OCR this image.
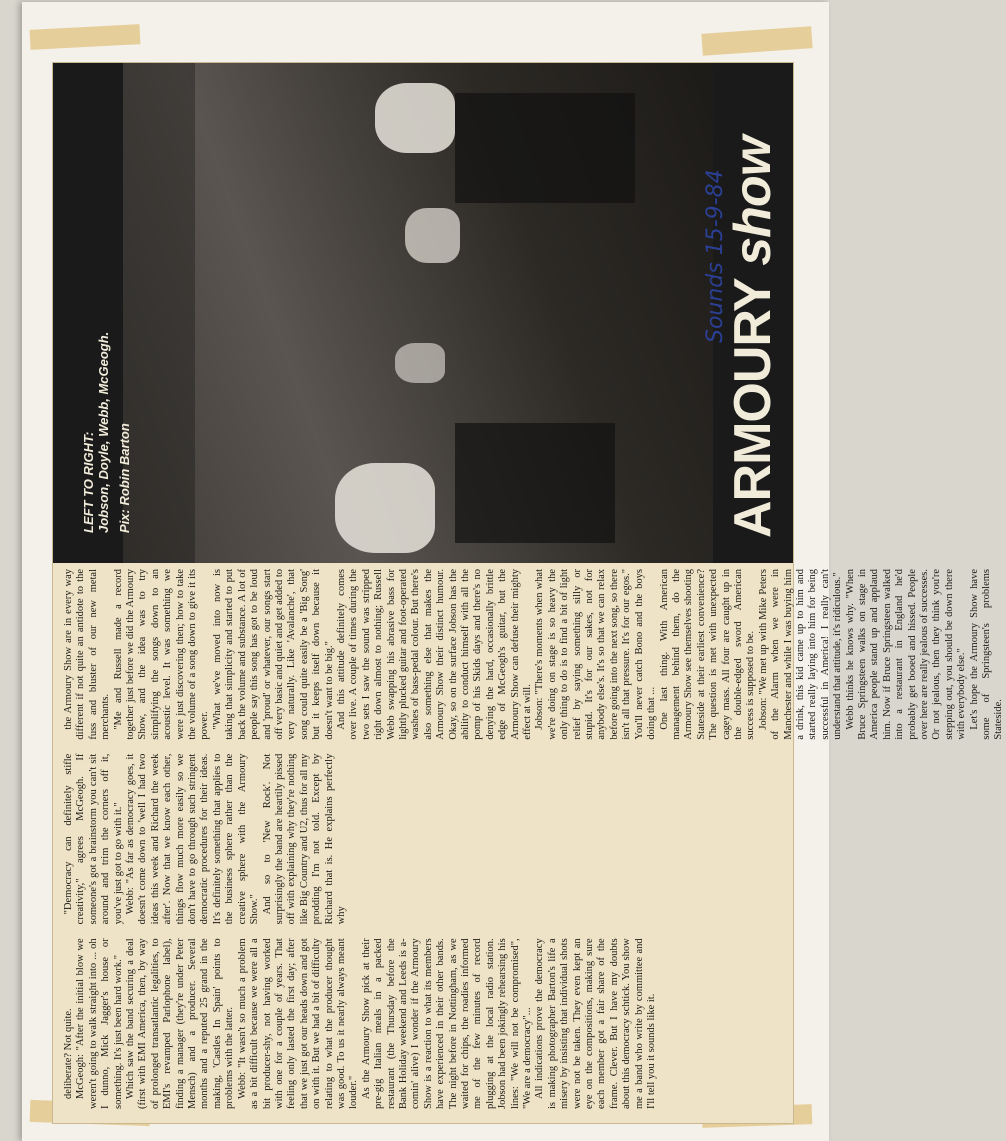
LEFT TO RIGHT: Jobson, Doyle, Webb, McGeogh. Pix: Robin Barton	ARMOURY show
Sounds 15-9-84

deliberate? Not quite. McGeogh: "After the initial blow we weren't going to walk straight into ... oh I dunno, Mick Jagger's house or something. It's just been hard work." Which saw the band securing a deal (first with EMI America, then, by way of prolonged transatlantic legalities, to EMI's revamped Parlophone label), finding a manager (they're under Peter Mensch) and a producer. Several months and a reputed 25 grand in the making, 'Castles In Spain' points to problems with the latter. Webb: "It wasn't so much a problem as a bit difficult because we were all a bit producer-shy, not having worked with one for a couple of years. That feeling only lasted the first day; after that we just got our heads down and got on with it. But we had a bit of difficulty relating to what the producer thought was good. To us it nearly always meant louder." As the Armoury Show pick at their pre-gig Italian meals in a packed restaurant (the Thursday before the Bank Holiday weekend and Leeds is a-comin' alive) I wonder if the Armoury Show is a reaction to what its members have experienced in their other bands. The night before in Nottingham, as we waited for chips, the roadies informed me of the few minutes of record plugging at the local radio station. Jobson had been jokingly rehearsing his lines: "We will not be compromised", "We are a democracy"... All indications prove the democracy is making photographer Barton's life a misery by insisting that individual shots were not be taken. They even kept an eye on the compositions, making sure each member got a fair share of the frame. Clever. But I have my doubts about this democracy schtick. You show me a band who write by committee and I'll tell you it sounds like it.

"Democracy can definitely stifle creativity," agrees McGeogh. If someone's got a brainstorm you can't sit around and trim the corners off it, you've just got to go with it." Webb: "As far as democracy goes, it doesn't come down to 'well I had two ideas this week and Richard the week after'. Now that we know each other, things flow much more easily so we don't have to go through such stringent democratic procedures for their ideas. It's definitely something that applies to the business sphere rather than the creative sphere with the Armoury Show." And so to 'New Rock'. Not surprisingly the band are heartily pissed off with explaining why they're nothing like Big Country and U2, thus for all my prodding I'm not told. Except by Richard that is. He explains perfectly why

the Armoury Show are in every way different if not quite an antidote to the fuss and bluster of our new metal merchants. "Me and Russell made a record together just before we did the Armoury Show, and the idea was to try simplifying the songs down to an acoustic level. It was something we were just discovering then; how to take the volume of a song down to give it its power. "What we've moved into now is taking that simplicity and started to put back the volume and substance. A lot of people say this song has got to be loud and 'proud' or whatever, our songs start off very basic and quiet and get added to very naturally. Like 'Avalanche', that song could quite easily be a 'Big Song' but it keeps itself down because it doesn't want to be big." And this attitude definitely comes over live. A couple of times during the two sets I saw the sound was stripped right down almost to nothing; Russell Webb swapping his abrasive bass for lightly plucked guitar and foot-operated washes of bass-pedal colour. But there's also something else that makes the Armoury Show their distinct humour. Okay, so on the surface Jobson has the ability to conduct himself with all the pomp of his Skids days and there's no denying the hard, occasionally brittle edge of McGeogh's guitar, but the Armoury Show can defuse their mighty effect at will. Jobson: "There's moments when what we're doing on stage is so heavy the only thing to do is to find a bit of light relief by saying something silly or stupid. It's for our sakes, not for anybody else's. It's so that we can relax before going into the next song, so there isn't all that pressure. It's for our egos." You'll never catch Bono and the boys doing that ... One last thing. With American management behind them, do the Armoury Show see themselves shooting Stateside at their earliest convenience? The question is met with unexpected cagey mass. All four are caught up in the double-edged sword American success is supposed to be. Jobson: "We met up with Mike Peters of the Alarm when we were in Manchester and while I was buying him a drink, this kid came up to him and started really laying into him for being successful in America! I really can't understand that attitude, it's ridiculous." Webb thinks he knows why. "When Bruce Springsteen walks on stage in America people stand up and applaud him. Now if Bruce Springsteen walked into a restaurant in England he'd probably get booed and hissed. People over here are really jealous of successes. Or not jealous, then they think you're stepping out, you should be down there with everybody else." Let's hope the Armoury Show have some of Springsteen's problems Stateside.
